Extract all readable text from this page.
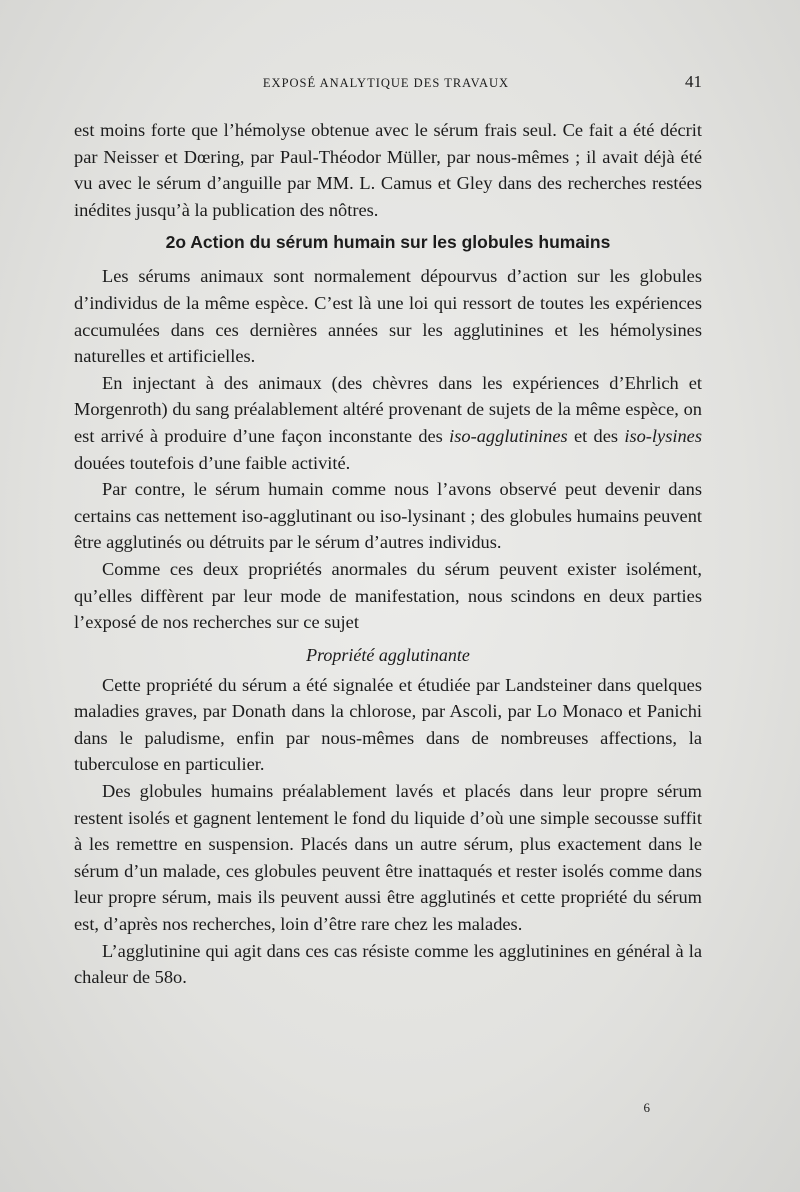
EXPOSÉ ANALYTIQUE DES TRAVAUX	41

est moins forte que l’hémolyse obtenue avec le sérum frais seul. Ce fait a été décrit par Neisser et Dœring, par Paul-Théodor Müller, par nous-mêmes ; il avait déjà été vu avec le sérum d’anguille par MM. L. Camus et Gley dans des recherches restées inédites jusqu’à la publication des nôtres.

2o Action du sérum humain sur les globules humains

Les sérums animaux sont normalement dépourvus d’action sur les globules d’individus de la même espèce. C’est là une loi qui ressort de toutes les expériences accumulées dans ces dernières années sur les agglutinines et les hémolysines naturelles et artificielles.

En injectant à des animaux (des chèvres dans les expériences d’Ehrlich et Morgenroth) du sang préalablement altéré provenant de sujets de la même espèce, on est arrivé à produire d’une façon inconstante des iso-agglutinines et des iso-lysines douées toutefois d’une faible activité.

Par contre, le sérum humain comme nous l’avons observé peut devenir dans certains cas nettement iso-agglutinant ou iso-lysinant ; des globules humains peuvent être agglutinés ou détruits par le sérum d’autres individus.

Comme ces deux propriétés anormales du sérum peuvent exister isolément, qu’elles diffèrent par leur mode de manifestation, nous scindons en deux parties l’exposé de nos recherches sur ce sujet

Propriété agglutinante

Cette propriété du sérum a été signalée et étudiée par Landsteiner dans quelques maladies graves, par Donath dans la chlorose, par Ascoli, par Lo Monaco et Panichi dans le paludisme, enfin par nous-mêmes dans de nombreuses affections, la tuberculose en particulier.

Des globules humains préalablement lavés et placés dans leur propre sérum restent isolés et gagnent lentement le fond du liquide d’où une simple secousse suffit à les remettre en suspension. Placés dans un autre sérum, plus exactement dans le sérum d’un malade, ces globules peuvent être inattaqués et rester isolés comme dans leur propre sérum, mais ils peuvent aussi être agglutinés et cette propriété du sérum est, d’après nos recherches, loin d’être rare chez les malades.

L’agglutinine qui agit dans ces cas résiste comme les agglutinines en général à la chaleur de 58o.

6
